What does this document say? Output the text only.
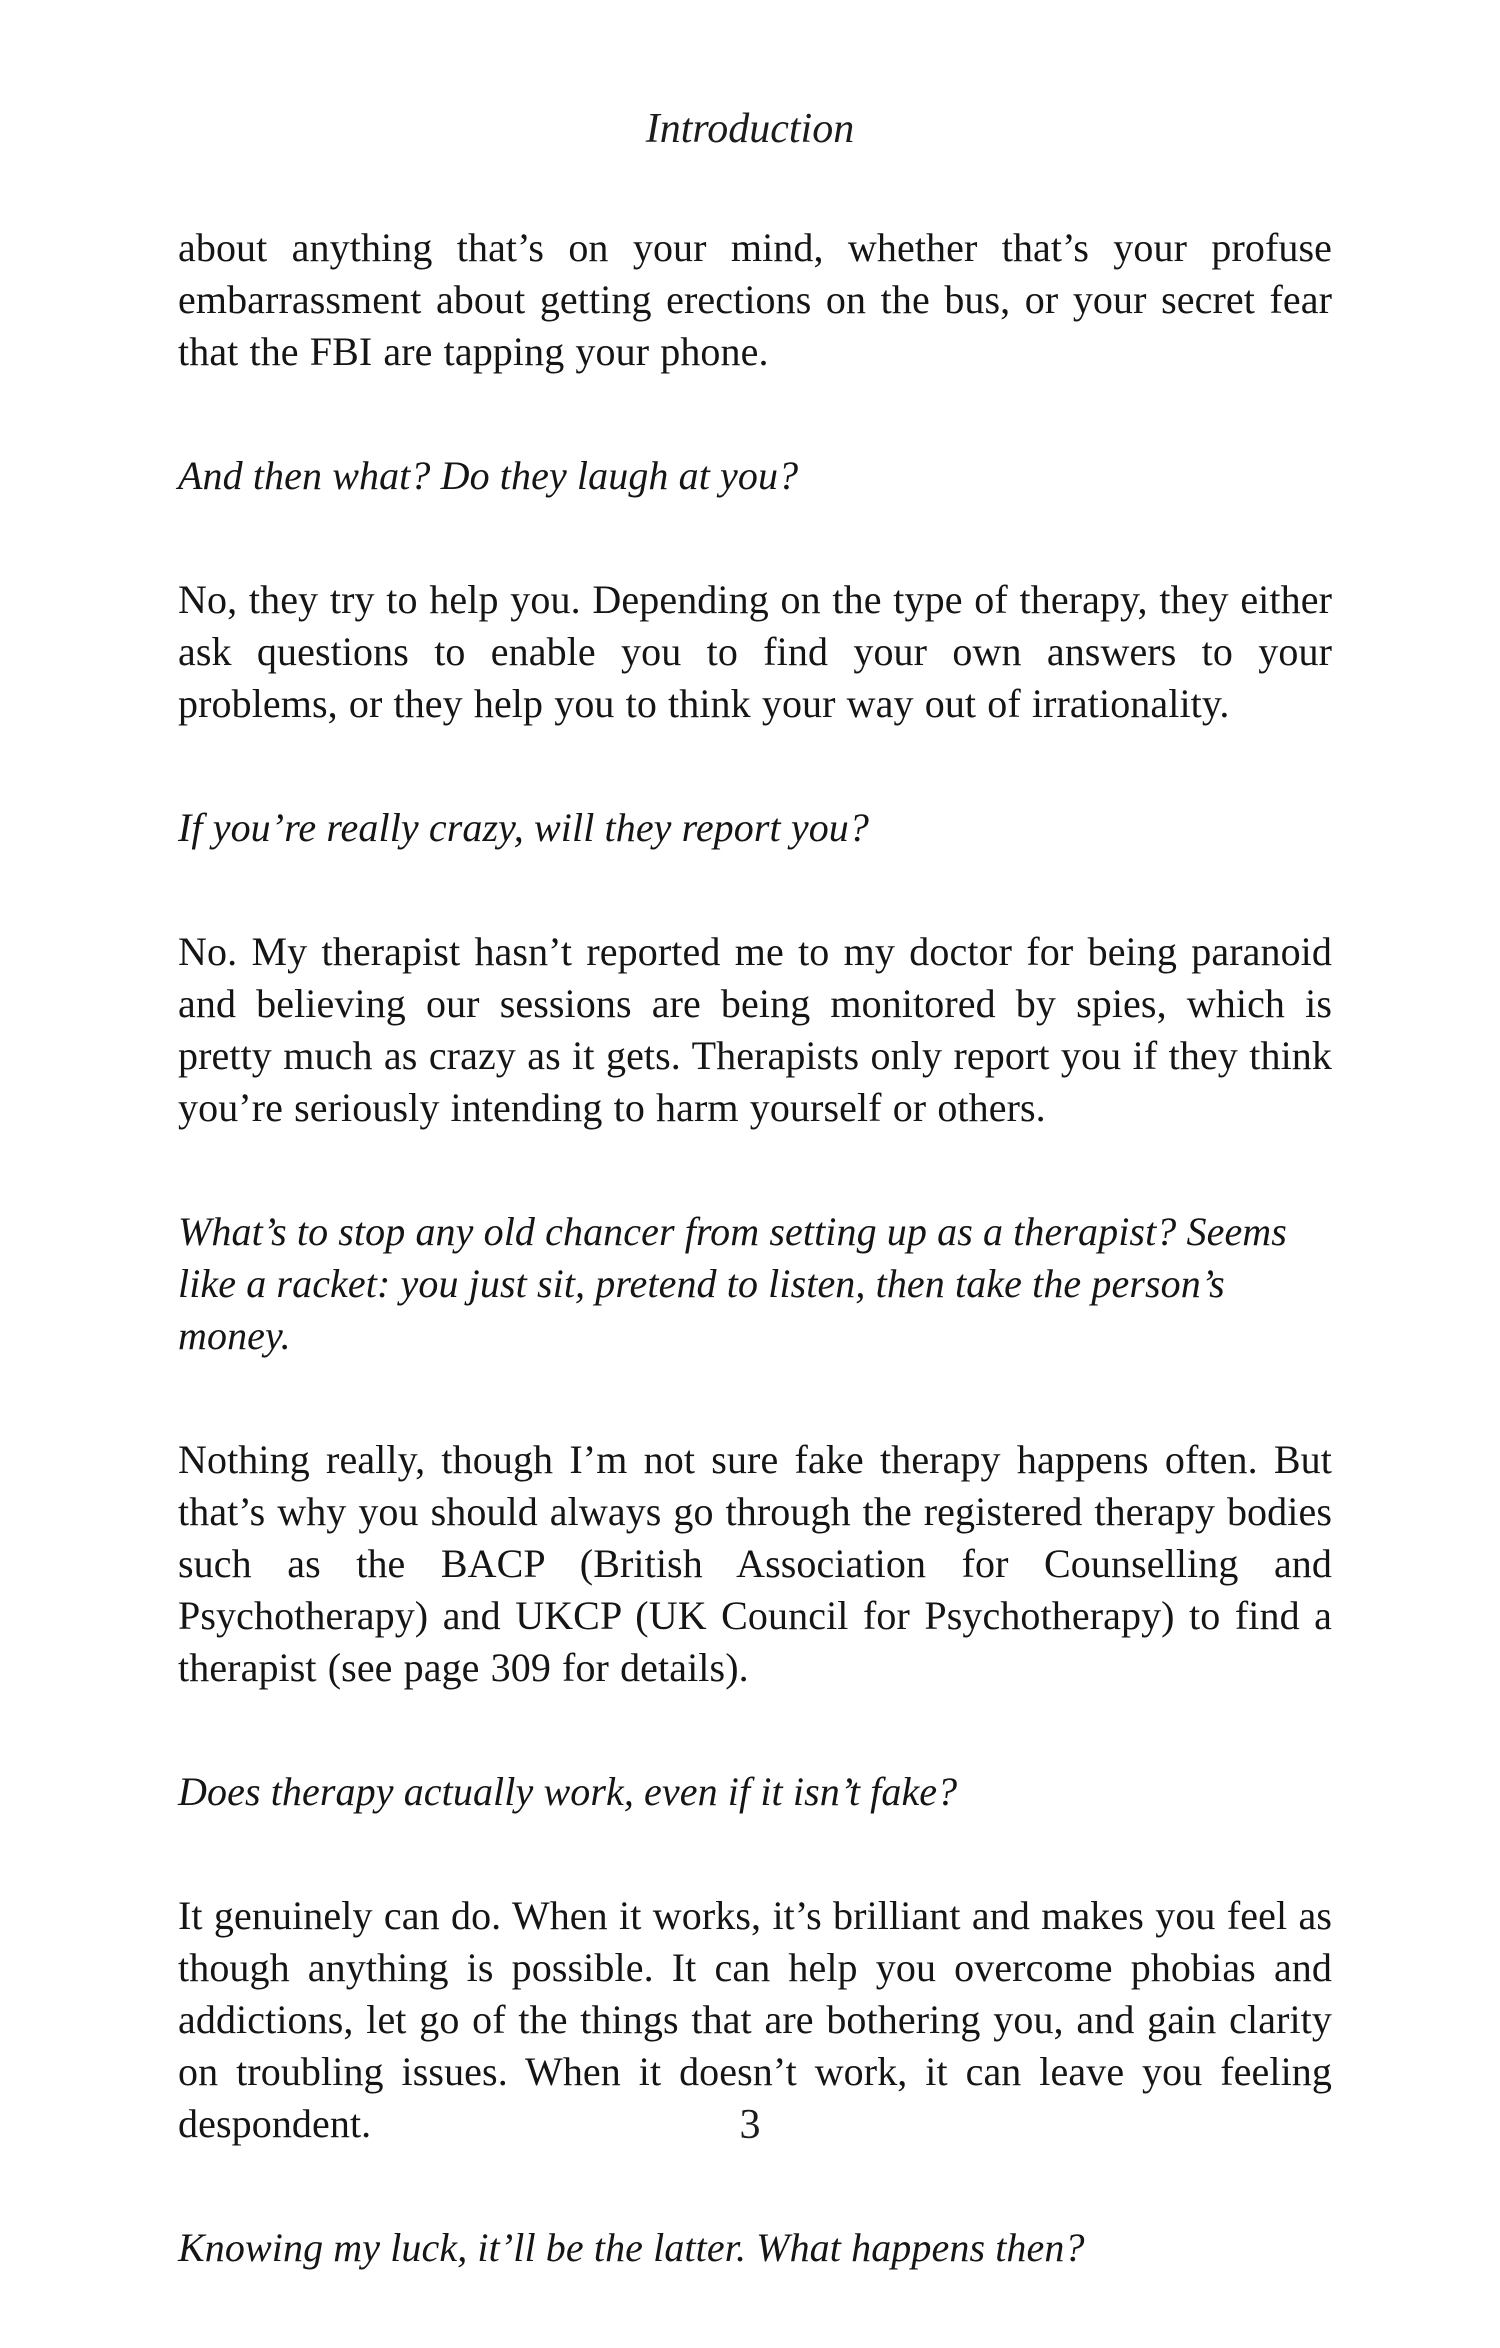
Introduction

about anything that’s on your mind, whether that’s your profuse embarrassment about getting erections on the bus, or your secret fear that the FBI are tapping your phone.

And then what? Do they laugh at you?

No, they try to help you. Depending on the type of therapy, they either ask questions to enable you to find your own answers to your problems, or they help you to think your way out of irrationality.

If you’re really crazy, will they report you?

No. My therapist hasn’t reported me to my doctor for being paranoid and believing our sessions are being monitored by spies, which is pretty much as crazy as it gets. Therapists only report you if they think you’re seriously intending to harm yourself or others.

What’s to stop any old chancer from setting up as a therapist? Seems like a racket: you just sit, pretend to listen, then take the person’s money.

Nothing really, though I’m not sure fake therapy happens often. But that’s why you should always go through the registered therapy bodies such as the BACP (British Association for Counselling and Psychotherapy) and UKCP (UK Council for Psychotherapy) to find a therapist (see page 309 for details).

Does therapy actually work, even if it isn’t fake?

It genuinely can do. When it works, it’s brilliant and makes you feel as though anything is possible. It can help you overcome phobias and addictions, let go of the things that are bothering you, and gain clarity on troubling issues. When it doesn’t work, it can leave you feeling despondent.

Knowing my luck, it’ll be the latter. What happens then?

3
